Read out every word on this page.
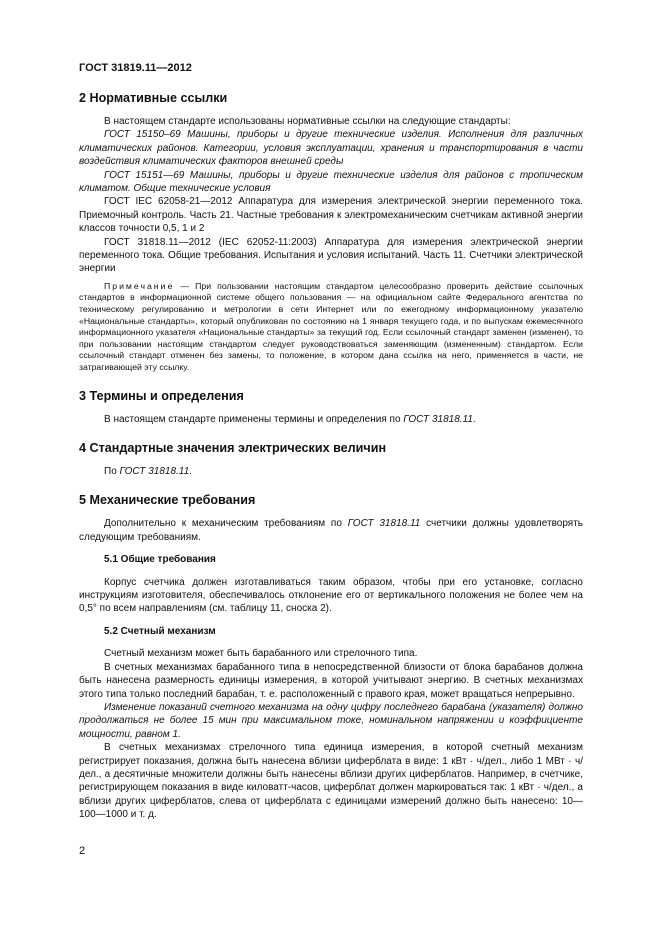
ГОСТ 31819.11—2012
2 Нормативные ссылки

В настоящем стандарте использованы нормативные ссылки на следующие стандарты:

ГОСТ 15150–69 Машины, приборы и другие технические изделия. Исполнения для различных климатических районов. Категории, условия эксплуатации, хранения и транспортирования в части воздействия климатических факторов внешней среды

ГОСТ 15151—69 Машины, приборы и другие технические изделия для районов с тропическим климатом. Общие технические условия

ГОСТ IEC 62058-21—2012 Аппаратура для измерения электрической энергии переменного тока. Приемочный контроль. Часть 21. Частные требования к электромеханическим счетчикам активной энергии классов точности 0,5, 1 и 2

ГОСТ 31818.11—2012 (IEC 62052-11:2003) Аппаратура для измерения электрической энергии переменного тока. Общие требования. Испытания и условия испытаний. Часть 11. Счетчики электрической энергии

Примечание — При пользовании настоящим стандартом целесообразно проверить действие ссылочных стандартов в информационной системе общего пользования — на официальном сайте Федерального агентства по техническому регулированию и метрологии в сети Интернет или по ежегодному информационному указателю «Национальные стандарты», который опубликован по состоянию на 1 января текущего года, и по выпускам ежемесячного информационного указателя «Национальные стандарты» за текущий год. Если ссылочный стандарт заменен (изменен), то при пользовании настоящим стандартом следует руководствоваться заменяющим (измененным) стандартом. Если ссылочный стандарт отменен без замены, то положение, в котором дана ссылка на него, применяется в части, не затрагивающей эту ссылку.

3 Термины и определения

В настоящем стандарте применены термины и определения по ГОСТ 31818.11.

4 Стандартные значения электрических величин

По ГОСТ 31818.11.

5 Механические требования

Дополнительно к механическим требованиям по ГОСТ 31818.11 счетчики должны удовлетворять следующим требованиям.

5.1 Общие требования

Корпус счетчика должен изготавливаться таким образом, чтобы при его установке, согласно инструкциям изготовителя, обеспечивалось отклонение его от вертикального положения не более чем на 0,5° по всем направлениям (см. таблицу 11, сноска 2).

5.2 Счетный механизм

Счетный механизм может быть барабанного или стрелочного типа.

В счетных механизмах барабанного типа в непосредственной близости от блока барабанов должна быть нанесена размерность единицы измерения, в которой учитывают энергию. В счетных механизмах этого типа только последний барабан, т. е. расположенный с правого края, может вращаться непрерывно.

Изменение показаний счетного механизма на одну цифру последнего барабана (указателя) должно продолжаться не более 15 мин при максимальном токе, номинальном напряжении и коэффициенте мощности, равном 1.

В счетных механизмах стрелочного типа единица измерения, в которой счетный механизм регистрирует показания, должна быть нанесена вблизи циферблата в виде: 1 кВт · ч/дел., либо 1 МВт · ч/дел., а десятичные множители должны быть нанесены вблизи других циферблатов. Например, в счетчике, регистрирующем показания в виде киловатт-часов, циферблат должен маркироваться так: 1 кВт · ч/дел., а вблизи других циферблатов, слева от циферблата с единицами измерений должно быть нанесено: 10—100—1000 и т. д.

2
